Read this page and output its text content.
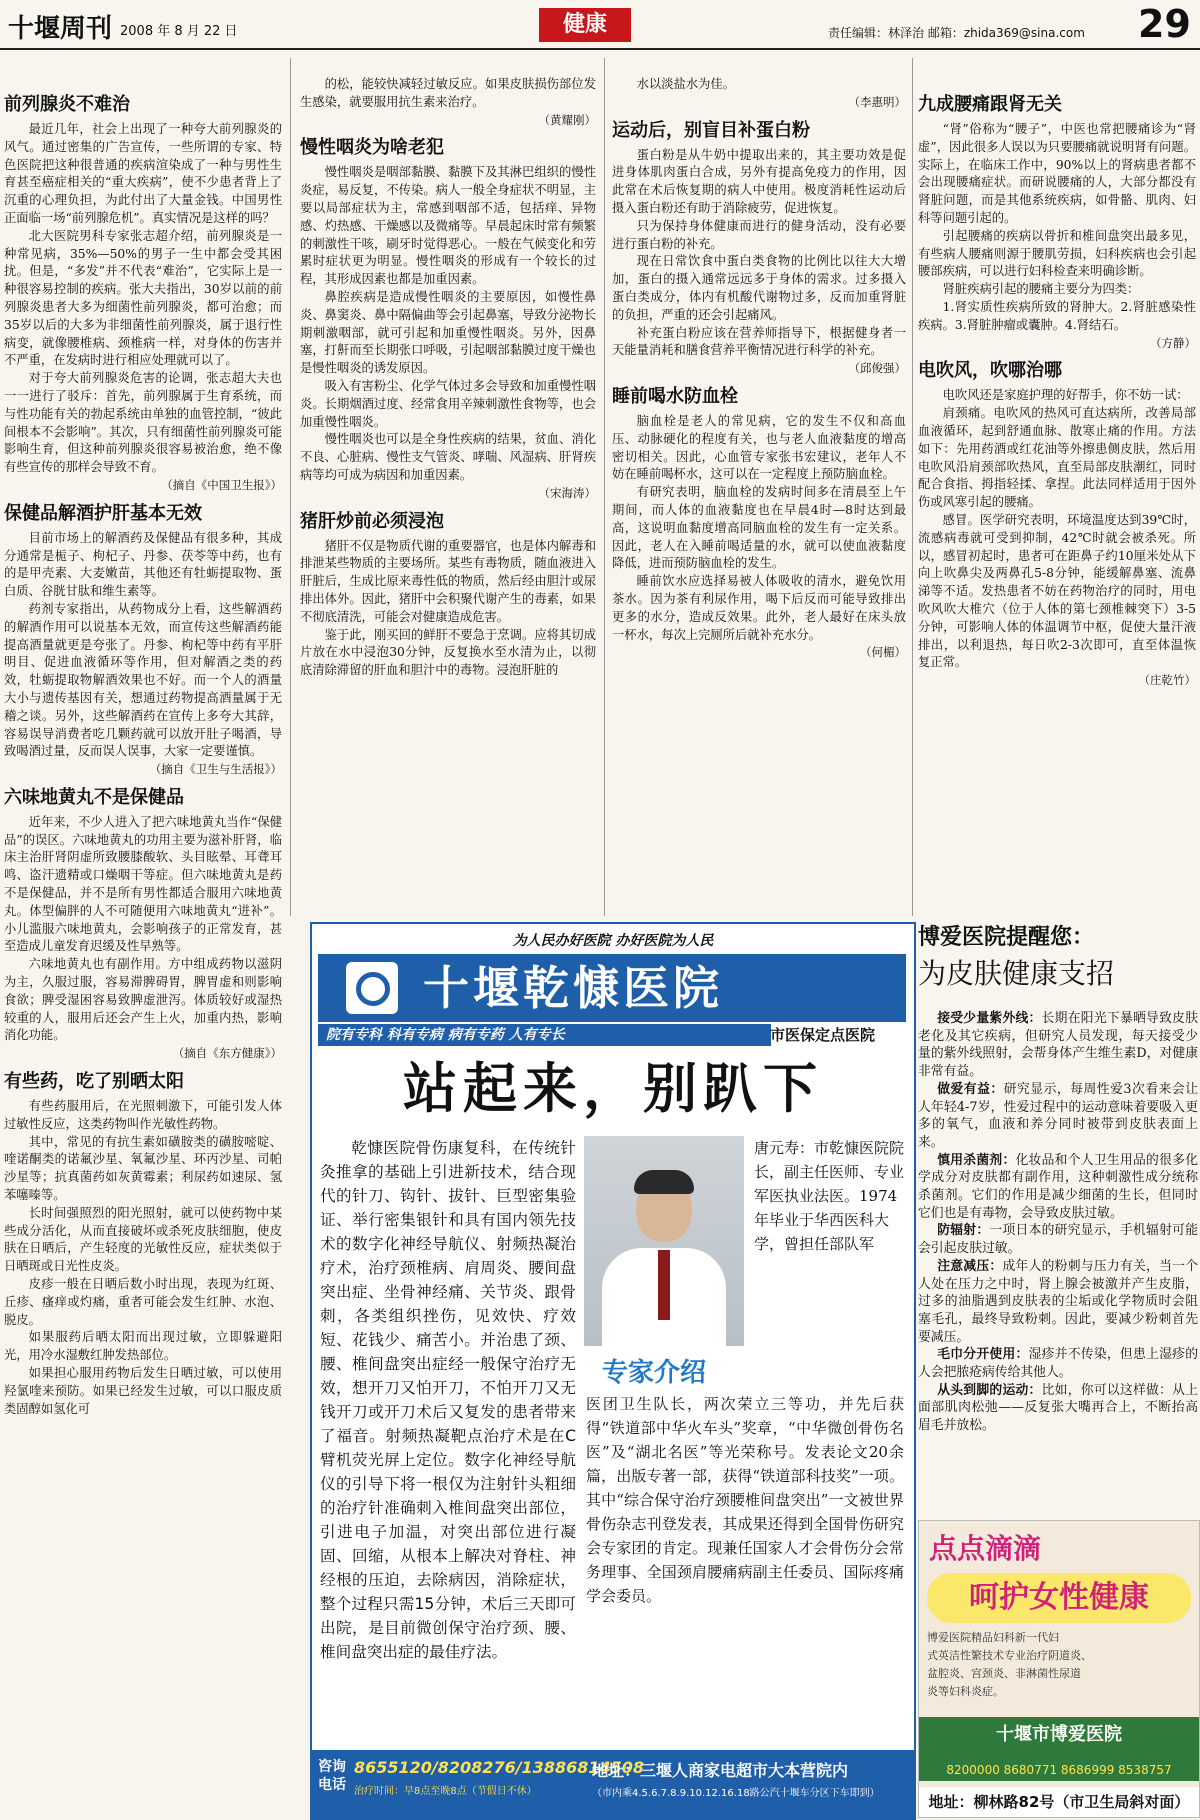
十堰周刊 2008 年 8 月 22 日	健康	责任编辑：林泽治 邮箱：zhida369@sina.com 29
前列腺炎不难治

最近几年，社会上出现了一种夸大前列腺炎的风气。通过密集的广告宣传，一些所谓的专家、特色医院把这种很普通的疾病渲染成了一种与男性生育甚至癌症相关的“重大疾病”，使不少患者背上了沉重的心理负担，为此付出了大量金钱。中国男性正面临一场“前列腺危机”。真实情况是这样的吗？

北大医院男科专家张志超介绍，前列腺炎是一种常见病，35%—50%的男子一生中都会受其困扰。但是，“多发”并不代表“难治”，它实际上是一种很容易控制的疾病。张大夫指出，30岁以前的前列腺炎患者大多为细菌性前列腺炎，都可治愈；而35岁以后的大多为非细菌性前列腺炎，属于退行性病变，就像腰椎病、颈椎病一样，对身体的伤害并不严重，在发病时进行相应处理就可以了。

对于夸大前列腺炎危害的论调，张志超大夫也一一进行了驳斥：首先，前列腺属于生育系统，而与性功能有关的勃起系统由单独的血管控制，“彼此间根本不会影响”。其次，只有细菌性前列腺炎可能影响生育，但这种前列腺炎很容易被治愈，绝不像有些宣传的那样会导致不育。

（摘自《中国卫生报》）

保健品解酒护肝基本无效

目前市场上的解酒药及保健品有很多种，其成分通常是栀子、枸杞子、丹参、茯苓等中药，也有的是甲壳素、大麦嫩苗，其他还有牡蛎提取物、蛋白质、谷胱甘肽和维生素等。

药剂专家指出，从药物成分上看，这些解酒药的解酒作用可以说基本无效，而宣传这些解酒药能提高酒量就更是夸张了。丹参、枸杞等中药有平肝明目、促进血液循环等作用，但对解酒之类的药效，牡蛎提取物解酒效果也不好。而一个人的酒量大小与遗传基因有关，想通过药物提高酒量属于无稽之谈。另外，这些解酒药在宣传上多夸大其辞，容易误导消费者吃几颗药就可以放开肚子喝酒，导致喝酒过量，反而误人误事，大家一定要谨慎。

（摘自《卫生与生活报》）

六味地黄丸不是保健品

近年来，不少人进入了把六味地黄丸当作“保健品”的误区。六味地黄丸的功用主要为滋补肝肾，临床主治肝肾阴虚所致腰膝酸软、头目眩晕、耳聋耳鸣、盗汗遗精或口燥咽干等症。但六味地黄丸是药不是保健品，并不是所有男性都适合服用六味地黄丸。体型偏胖的人不可随便用六味地黄丸“进补”。小儿滥服六味地黄丸，会影响孩子的正常发育，甚至造成儿童发育迟缓及性早熟等。

六味地黄丸也有副作用。方中组成药物以滋阴为主，久服过服，容易滞脾碍胃，脾胃虚和则影响食欲；脾受湿困容易致脾虚泄泻。体质较好或湿热较重的人，服用后还会产生上火，加重内热，影响消化功能。

（摘自《东方健康》）

有些药，吃了别晒太阳

有些药服用后，在光照刺激下，可能引发人体过敏性反应，这类药物叫作光敏性药物。

其中，常见的有抗生素如磺胺类的磺胺嘧啶、喹诺酮类的诺氟沙星、氧氟沙星、环丙沙星、司帕沙星等；抗真菌药如灰黄霉素；利尿药如速尿、氢苯噻嗪等。

长时间强照烈的阳光照射，就可以使药物中某些成分活化，从而直接破坏或杀死皮肤细胞，使皮肤在日晒后，产生轻度的光敏性反应，症状类似于日晒斑或日光性皮炎。

皮疹一般在日晒后数小时出现，表现为红斑、丘疹、瘙痒或灼痛，重者可能会发生红肿、水泡、脱皮。

如果服药后晒太阳而出现过敏，立即躲避阳光，用冷水湿敷红肿发热部位。

如果担心服用药物后发生日晒过敏，可以使用羟氯喹来预防。如果已经发生过敏，可以口服皮质类固醇如氢化可

的松，能较快减轻过敏反应。如果皮肤损伤部位发生感染，就要服用抗生素来治疗。

（黄耀刚）

慢性咽炎为啥老犯

慢性咽炎是咽部黏膜、黏膜下及其淋巴组织的慢性炎症，易反复，不传染。病人一般全身症状不明显，主要以局部症状为主，常感到咽部不适，包括痒、异物感、灼热感、干燥感以及微痛等。早晨起床时常有频繁的刺激性干咳，刷牙时觉得恶心。一般在气候变化和劳累时症状更为明显。慢性咽炎的形成有一个较长的过程，其形成因素也都是加重因素。

鼻腔疾病是造成慢性咽炎的主要原因，如慢性鼻炎、鼻窦炎、鼻中隔偏曲等会引起鼻塞，导致分泌物长期刺激咽部，就可引起和加重慢性咽炎。另外，因鼻塞，打鼾而至长期张口呼吸，引起咽部黏膜过度干燥也是慢性咽炎的诱发原因。

吸入有害粉尘、化学气体过多会导致和加重慢性咽炎。长期烟酒过度、经常食用辛辣刺激性食物等，也会加重慢性咽炎。

慢性咽炎也可以是全身性疾病的结果，贫血、消化不良、心脏病、慢性支气管炎、哮喘、风湿病、肝肾疾病等均可成为病因和加重因素。

（宋海涛）

猪肝炒前必须浸泡

猪肝不仅是物质代谢的重要器官，也是体内解毒和排泄某些物质的主要场所。某些有毒物质，随血液进入肝脏后，生成比原来毒性低的物质，然后经由胆汁或尿排出体外。因此，猪肝中会积聚代谢产生的毒素，如果不彻底清洗，可能会对健康造成危害。

鉴于此，刚买回的鲜肝不要急于烹调。应将其切成片放在水中浸泡30分钟，反复换水至水清为止，以彻底清除滞留的肝血和胆汁中的毒物。浸泡肝脏的

水以淡盐水为佳。

（李惠明）

运动后，别盲目补蛋白粉

蛋白粉是从牛奶中提取出来的，其主要功效是促进身体肌肉蛋白合成，另外有提高免疫力的作用，因此常在术后恢复期的病人中使用。极度消耗性运动后摄入蛋白粉还有助于消除疲劳，促进恢复。

只为保持身体健康而进行的健身活动，没有必要进行蛋白粉的补充。

现在日常饮食中蛋白类食物的比例比以往大大增加，蛋白的摄入通常远远多于身体的需求。过多摄入蛋白类成分，体内有机酸代谢物过多，反而加重肾脏的负担，严重的还会引起痛风。

补充蛋白粉应该在营养师指导下，根据健身者一天能量消耗和膳食营养平衡情况进行科学的补充。

（邱俊强）

睡前喝水防血栓

脑血栓是老人的常见病，它的发生不仅和高血压、动脉硬化的程度有关，也与老人血液黏度的增高密切相关。因此，心血管专家张书宏建议，老年人不妨在睡前喝杯水，这可以在一定程度上预防脑血栓。

有研究表明，脑血栓的发病时间多在清晨至上午期间，而人体的血液黏度也在早晨4时—8时达到最高，这说明血黏度增高同脑血栓的发生有一定关系。因此，老人在入睡前喝适量的水，就可以使血液黏度降低，进而预防脑血栓的发生。

睡前饮水应选择易被人体吸收的清水，避免饮用茶水。因为茶有利尿作用，喝下后反而可能导致排出更多的水分，造成反效果。此外，老人最好在床头放一杯水，每次上完厕所后就补充水分。

（何楣）

九成腰痛跟肾无关

“肾”俗称为“腰子”，中医也常把腰痛诊为“肾虚”，因此很多人误以为只要腰痛就说明肾有问题。实际上，在临床工作中，90%以上的肾病患者都不会出现腰痛症状。而研说腰痛的人，大部分都没有肾脏问题，而是其他系统疾病，如骨骼、肌肉、妇科等问题引起的。

引起腰痛的疾病以骨折和椎间盘突出最多见，有些病人腰痛则源于腰肌劳损，妇科疾病也会引起腰部疾病，可以进行妇科检查来明确诊断。

肾脏疾病引起的腰痛主要分为四类：

1.肾实质性疾病所致的肾肿大。2.肾脏感染性疾病。3.肾脏肿瘤或囊肿。4.肾结石。

（方静）

电吹风，吹哪治哪

电吹风还是家庭护理的好帮手，你不妨一试：

肩颈痛。电吹风的热风可直达病所，改善局部血液循环，起到舒通血脉、散寒止痛的作用。方法如下：先用药酒或红花油等外擦患侧皮肤，然后用电吹风沿肩颈部吹热风，直至局部皮肤潮红，同时配合食指、拇指轻揉、拿捏。此法同样适用于因外伤或风寒引起的腰痛。

感冒。医学研究表明，环境温度达到39℃时，流感病毒就可受到抑制，42℃时就会被杀死。所以，感冒初起时，患者可在距鼻子约10厘米处从下向上吹鼻尖及两鼻孔5-8分钟，能缓解鼻塞、流鼻涕等不适。发热患者不妨在药物治疗的同时，用电吹风吹大椎穴（位于人体的第七颈椎棘突下）3-5分钟，可影响人体的体温调节中枢，促使大量汗液排出，以利退热，每日吹2-3次即可，直至体温恢复正常。

（庄乾竹）

为人民办好医院 办好医院为人民
十堰乾慷医院
院有专科 科有专病 病有专药 人有专长	市医保定点医院
站起来，别趴下

乾慷医院骨伤康复科，在传统针灸推拿的基础上引进新技术，结合现代的针刀、钩针、拔针、巨型密集验证、举行密集银针和具有国内领先技术的数字化神经导航仪、射频热凝治疗术，治疗颈椎病、肩周炎、腰间盘突出症、坐骨神经痛、关节炎、跟骨刺，各类组织挫伤，见效快、疗效短、花钱少、痛苦小。并治患了颈、腰、椎间盘突出症经一般保守治疗无效，想开刀又怕开刀，不怕开刀又无钱开刀或开刀术后又复发的患者带来了福音。射频热凝靶点治疗术是在C臂机荧光屏上定位。数字化神经导航仪的引导下将一根仅为注射针头粗细的治疗针准确刺入椎间盘突出部位，引进电子加温，对突出部位进行凝固、回缩，从根本上解决对脊柱、神经根的压迫，去除病因，消除症状，整个过程只需15分钟，术后三天即可出院，是目前微创保守治疗颈、腰、椎间盘突出症的最佳疗法。

专家介绍
唐元寿：市乾慷医院院长，副主任医师、专业军医执业法医。1974年毕业于华西医科大学，曾担任部队军
医团卫生队长，两次荣立三等功，并先后获得“铁道部中华火车头”奖章，“中华微创骨伤名医”及“湖北名医”等光荣称号。发表论文20余篇，出版专著一部，获得“铁道部科技奖”一项。其中“综合保守治疗颈腰椎间盘突出”一文被世界骨伤杂志刊登发表，其成果还得到全国骨伤研究会专家团的肯定。现兼任国家人才会骨伤分会常务理事、全国颈肩腰痛病副主任委员、国际疼痛学会委员。
咨询电话
8655120/8208276/13886814508
治疗时间：早8点至晚8点（节假日不休）
地址：三堰人商家电超市大本营院内
（市内乘4.5.6.7.8.9.10.12.16.18路公汽十堰车分区下车即到）
博爱医院提醒您：
为皮肤健康支招

接受少量紫外线：长期在阳光下暴晒导致皮肤老化及其它疾病，但研究人员发现，每天接受少量的紫外线照射，会帮身体产生维生素D，对健康非常有益。

做爱有益：研究显示，每周性爱3次看来会让人年轻4-7岁，性爱过程中的运动意味着要吸入更多的氧气，血液和养分同时被带到皮肤表面上来。

慎用杀菌剂：化妆品和个人卫生用品的很多化学成分对皮肤都有副作用，这种刺激性成分统称杀菌剂。它们的作用是减少细菌的生长，但同时它们也是有毒物，会导致皮肤过敏。

防辐射：一项日本的研究显示，手机辐射可能会引起皮肤过敏。

注意减压：成年人的粉刺与压力有关，当一个人处在压力之中时，肾上腺会被激并产生皮脂，过多的油脂遇到皮肤表的尘垢或化学物质时会阻塞毛孔，最终导致粉刺。因此，要减少粉刺首先要减压。

毛巾分开使用：湿疹并不传染，但患上湿疹的人会把脓疮病传给其他人。

从头到脚的运动：比如，你可以这样做：从上面部肌肉松弛——反复张大嘴再合上，不断抬高眉毛并放松。

点点滴滴
呵护女性健康
博爱医院精品妇科新一代妇
式英洁性繁技术专业治疗阴道炎、
盆腔炎、宫颈炎、非淋菌性尿道
炎等妇科炎症。
十堰市博爱医院
8200000 8680771 8686999 8538757
地址：柳林路82号（市卫生局斜对面）
